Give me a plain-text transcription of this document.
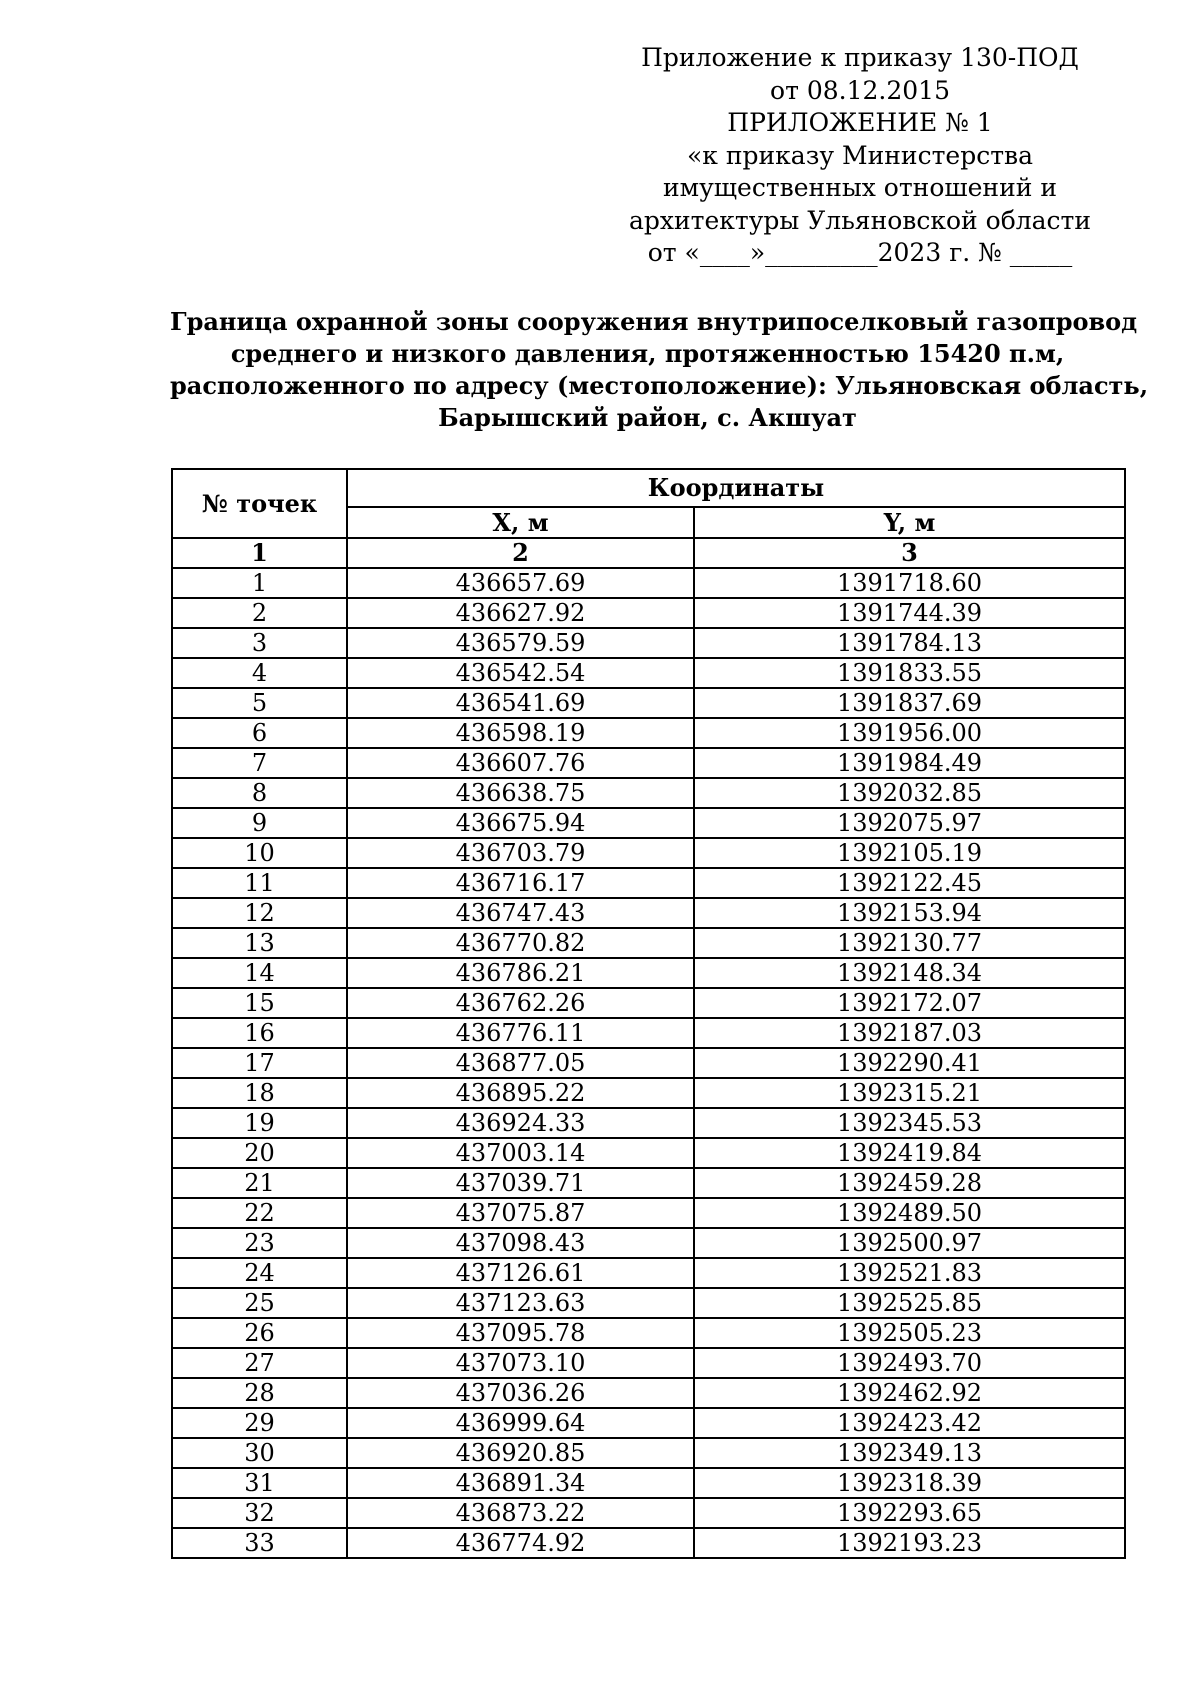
Приложение к приказу 130-ПОД
от 08.12.2015
ПРИЛОЖЕНИЕ № 1
«к приказу Министерства
имущественных отношений и
архитектуры Ульяновской области
от «____»_________2023 г. № _____
Граница охранной зоны сооружения внутрипоселковый газопровод
среднего и низкого давления, протяженностью 15420 п.м,
расположенного по адресу (местоположение): Ульяновская область,
Барышский район, с. Акшуат
№ точек	Координаты	
	X, м	Y, м
1	2	3
1	436657.69	1391718.60
2	436627.92	1391744.39
3	436579.59	1391784.13
4	436542.54	1391833.55
5	436541.69	1391837.69
6	436598.19	1391956.00
7	436607.76	1391984.49
8	436638.75	1392032.85
9	436675.94	1392075.97
10	436703.79	1392105.19
11	436716.17	1392122.45
12	436747.43	1392153.94
13	436770.82	1392130.77
14	436786.21	1392148.34
15	436762.26	1392172.07
16	436776.11	1392187.03
17	436877.05	1392290.41
18	436895.22	1392315.21
19	436924.33	1392345.53
20	437003.14	1392419.84
21	437039.71	1392459.28
22	437075.87	1392489.50
23	437098.43	1392500.97
24	437126.61	1392521.83
25	437123.63	1392525.85
26	437095.78	1392505.23
27	437073.10	1392493.70
28	437036.26	1392462.92
29	436999.64	1392423.42
30	436920.85	1392349.13
31	436891.34	1392318.39
32	436873.22	1392293.65
33	436774.92	1392193.23
